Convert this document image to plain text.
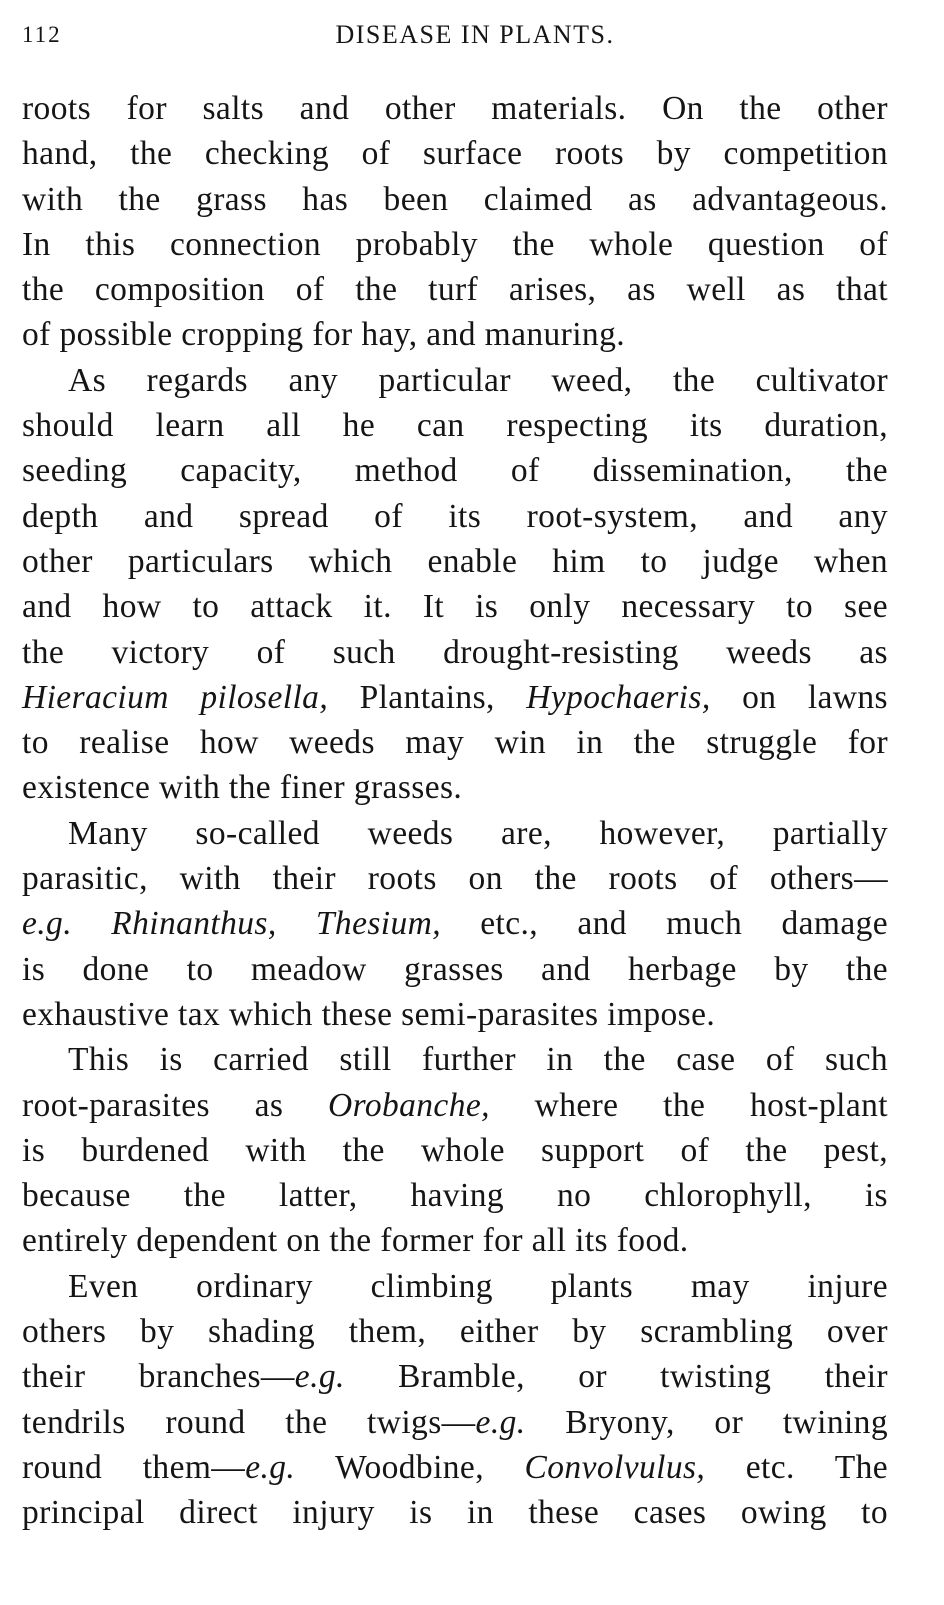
112	DISEASE IN PLANTS.
roots for salts and other materials. On the other
hand, the checking of surface roots by competition
with the grass has been claimed as advantageous.
In this connection probably the whole question of
the composition of the turf arises, as well as that
of possible cropping for hay, and manuring.
As regards any particular weed, the cultivator
should learn all he can respecting its duration,
seeding capacity, method of dissemination, the
depth and spread of its root-system, and any
other particulars which enable him to judge when
and how to attack it. It is only necessary to see
the victory of such drought-resisting weeds as
Hieracium pilosella, Plantains, Hypochaeris, on lawns
to realise how weeds may win in the struggle for
existence with the finer grasses.
Many so-called weeds are, however, partially
parasitic, with their roots on the roots of others—
e.g. Rhinanthus, Thesium, etc., and much damage
is done to meadow grasses and herbage by the
exhaustive tax which these semi-parasites impose.
This is carried still further in the case of such
root-parasites as Orobanche, where the host-plant
is burdened with the whole support of the pest,
because the latter, having no chlorophyll, is
entirely dependent on the former for all its food.
Even ordinary climbing plants may injure
others by shading them, either by scrambling over
their branches—e.g. Bramble, or twisting their
tendrils round the twigs—e.g. Bryony, or twining
round them—e.g. Woodbine, Convolvulus, etc. The
principal direct injury is in these cases owing to
